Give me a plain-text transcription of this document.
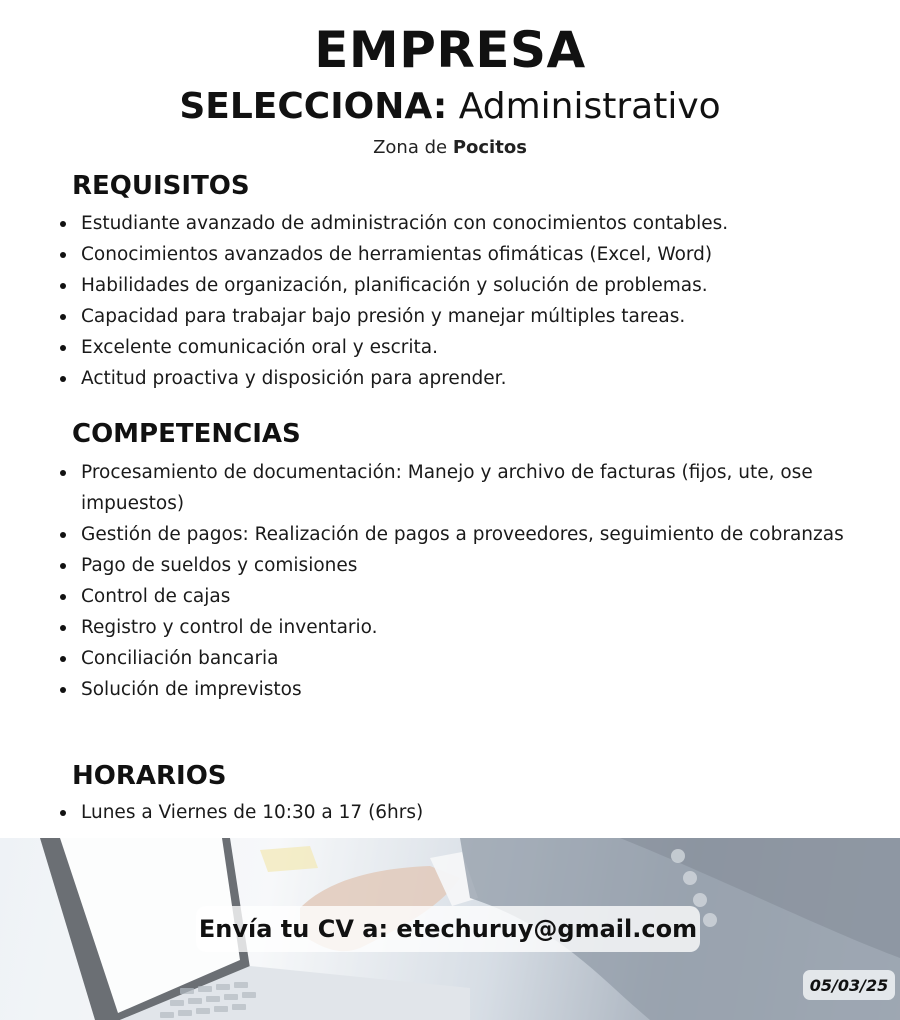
EMPRESA
SELECCIONA: Administrativo
Zona de Pocitos
REQUISITOS
Estudiante avanzado de administración con conocimientos contables.
Conocimientos avanzados de herramientas ofimáticas (Excel, Word)
Habilidades de organización, planificación y solución de problemas.
Capacidad para trabajar bajo presión y manejar múltiples tareas.
Excelente comunicación oral y escrita.
Actitud proactiva y disposición para aprender.
COMPETENCIAS
Procesamiento de documentación: Manejo y archivo de facturas (fijos, ute, ose impuestos)
Gestión de pagos: Realización de pagos a proveedores, seguimiento de cobranzas
Pago de sueldos y comisiones
Control de cajas
Registro y control de inventario.
Conciliación bancaria
Solución de imprevistos
HORARIOS
Lunes a Viernes de 10:30 a 17 (6hrs)
Envía tu CV a:
etechuruy@gmail.com
05/03/25
